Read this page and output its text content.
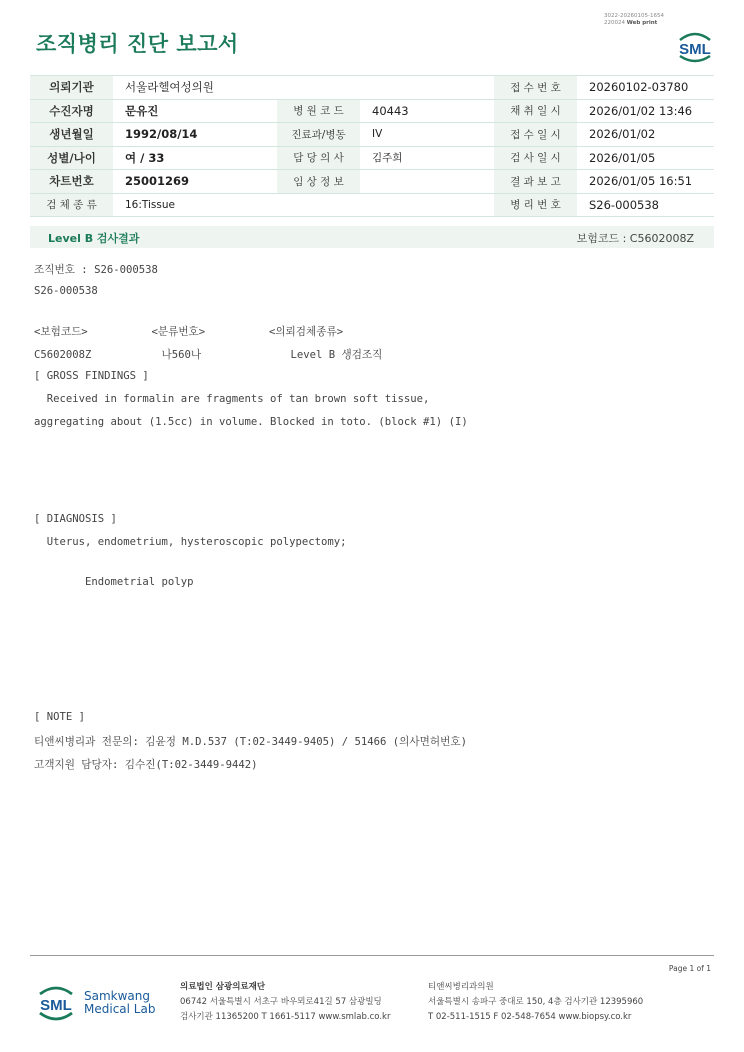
조직병리 진단 보고서
3022-20260105-1654
220024 Web print
SML
의뢰기관	서울라헬여성의원			접 수 번 호	20260102-03780
수진자명	문유진	병 원 코 드	40443	채 취 일 시	2026/01/02 13:46
생년월일	1992/08/14	진료과/병동	IV	접 수 일 시	2026/01/02
성별/나이	여 / 33	담 당 의 사	김주희	검 사 일 시	2026/01/05
차트번호	25001269	임 상 정 보		결 과 보 고	2026/01/05 16:51
검 체 종 류	16:Tissue			병 리 번 호	S26-000538
Level B 검사결과	보험코드 : C5602008Z
조직번호 : S26-000538
S26-000538
<보험코드>          <분류번호>          <의뢰검체종류>
C5602008Z           나560나              Level B 생검조직
[ GROSS FINDINGS ]
Received in formalin are fragments of tan brown soft tissue,
aggregating about (1.5cc) in volume. Blocked in toto. (block #1) (I)
[ DIAGNOSIS ]
Uterus, endometrium, hysteroscopic polypectomy;
Endometrial polyp
[ NOTE ]
티앤씨병리과 전문의: 김윤정 M.D.537 (T:02-3449-9405) / 51466 (의사면허번호)
고객지원 담당자: 김수진(T:02-3449-9442)
Page 1 of 1
SML
Samkwang
Medical Lab
의료법인 삼광의료재단
06742 서울특별시 서초구 바우뫼로41길 57 삼광빌딩
검사기관 11365200 T 1661-5117 www.smlab.co.kr
티앤씨병리과의원
서울특별시 송파구 중대로 150, 4층 검사기관 12395960
T 02-511-1515 F 02-548-7654 www.biopsy.co.kr
